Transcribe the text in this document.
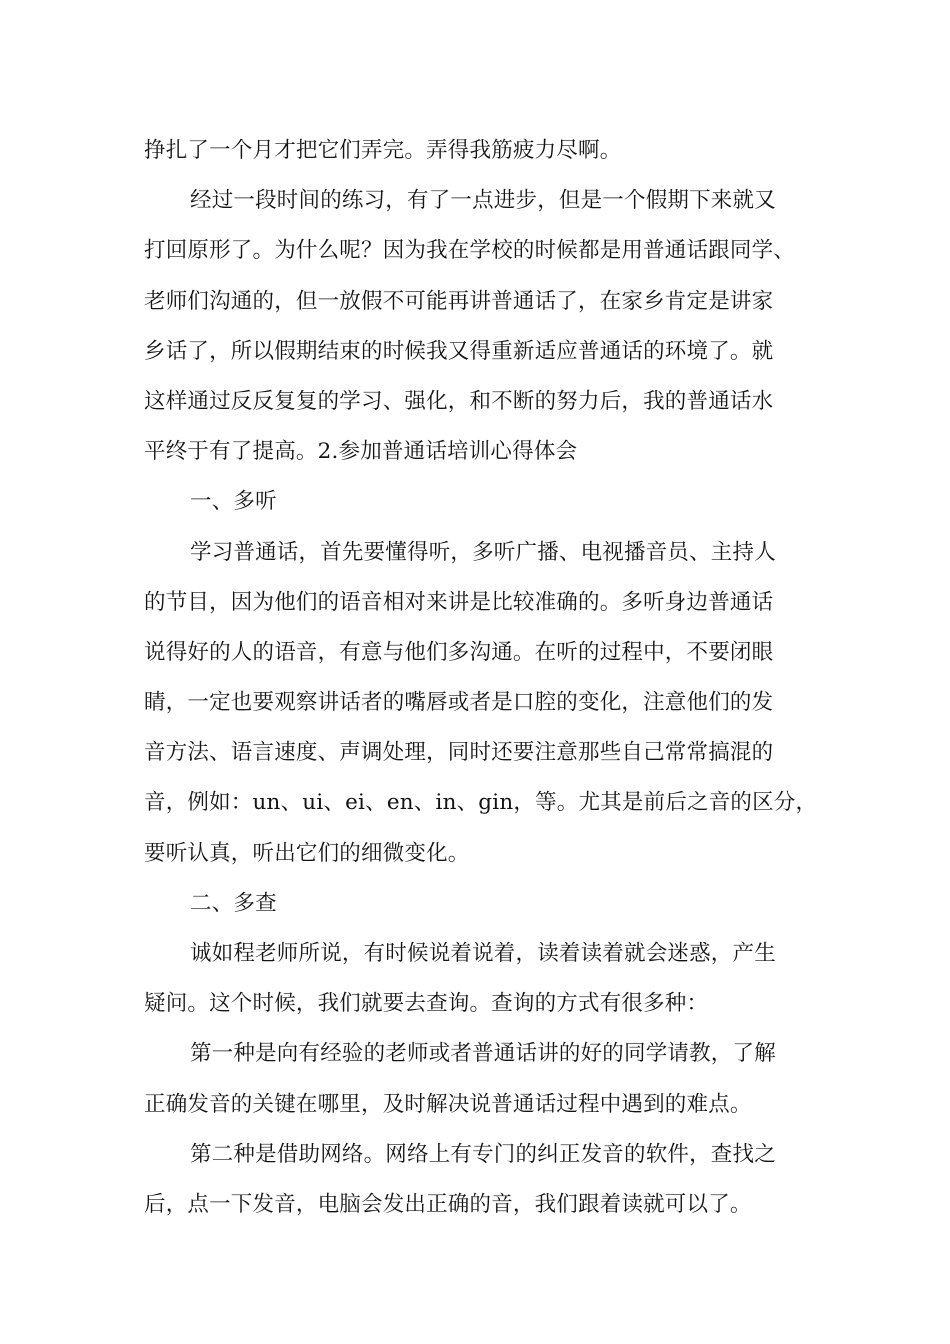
挣扎了一个月才把它们弄完。弄得我筋疲力尽啊。
经过一段时间的练习，有了一点进步，但是一个假期下来就又
打回原形了。为什么呢？因为我在学校的时候都是用普通话跟同学、
老师们沟通的，但一放假不可能再讲普通话了，在家乡肯定是讲家
乡话了，所以假期结束的时候我又得重新适应普通话的环境了。就
这样通过反反复复的学习、强化，和不断的努力后，我的普通话水
平终于有了提高。2.参加普通话培训心得体会
一、多听
学习普通话，首先要懂得听，多听广播、电视播音员、主持人
的节目，因为他们的语音相对来讲是比较准确的。多听身边普通话
说得好的人的语音，有意与他们多沟通。在听的过程中，不要闭眼
睛，一定也要观察讲话者的嘴唇或者是口腔的变化，注意他们的发
音方法、语言速度、声调处理，同时还要注意那些自己常常搞混的
音，例如：un、ui、ei、en、in、gin，等。尤其是前后之音的区分，
要听认真，听出它们的细微变化。
二、多查
诚如程老师所说，有时候说着说着，读着读着就会迷惑，产生
疑问。这个时候，我们就要去查询。查询的方式有很多种：
第一种是向有经验的老师或者普通话讲的好的同学请教，了解
正确发音的关键在哪里，及时解决说普通话过程中遇到的难点。
第二种是借助网络。网络上有专门的纠正发音的软件，查找之
后，点一下发音，电脑会发出正确的音，我们跟着读就可以了。
